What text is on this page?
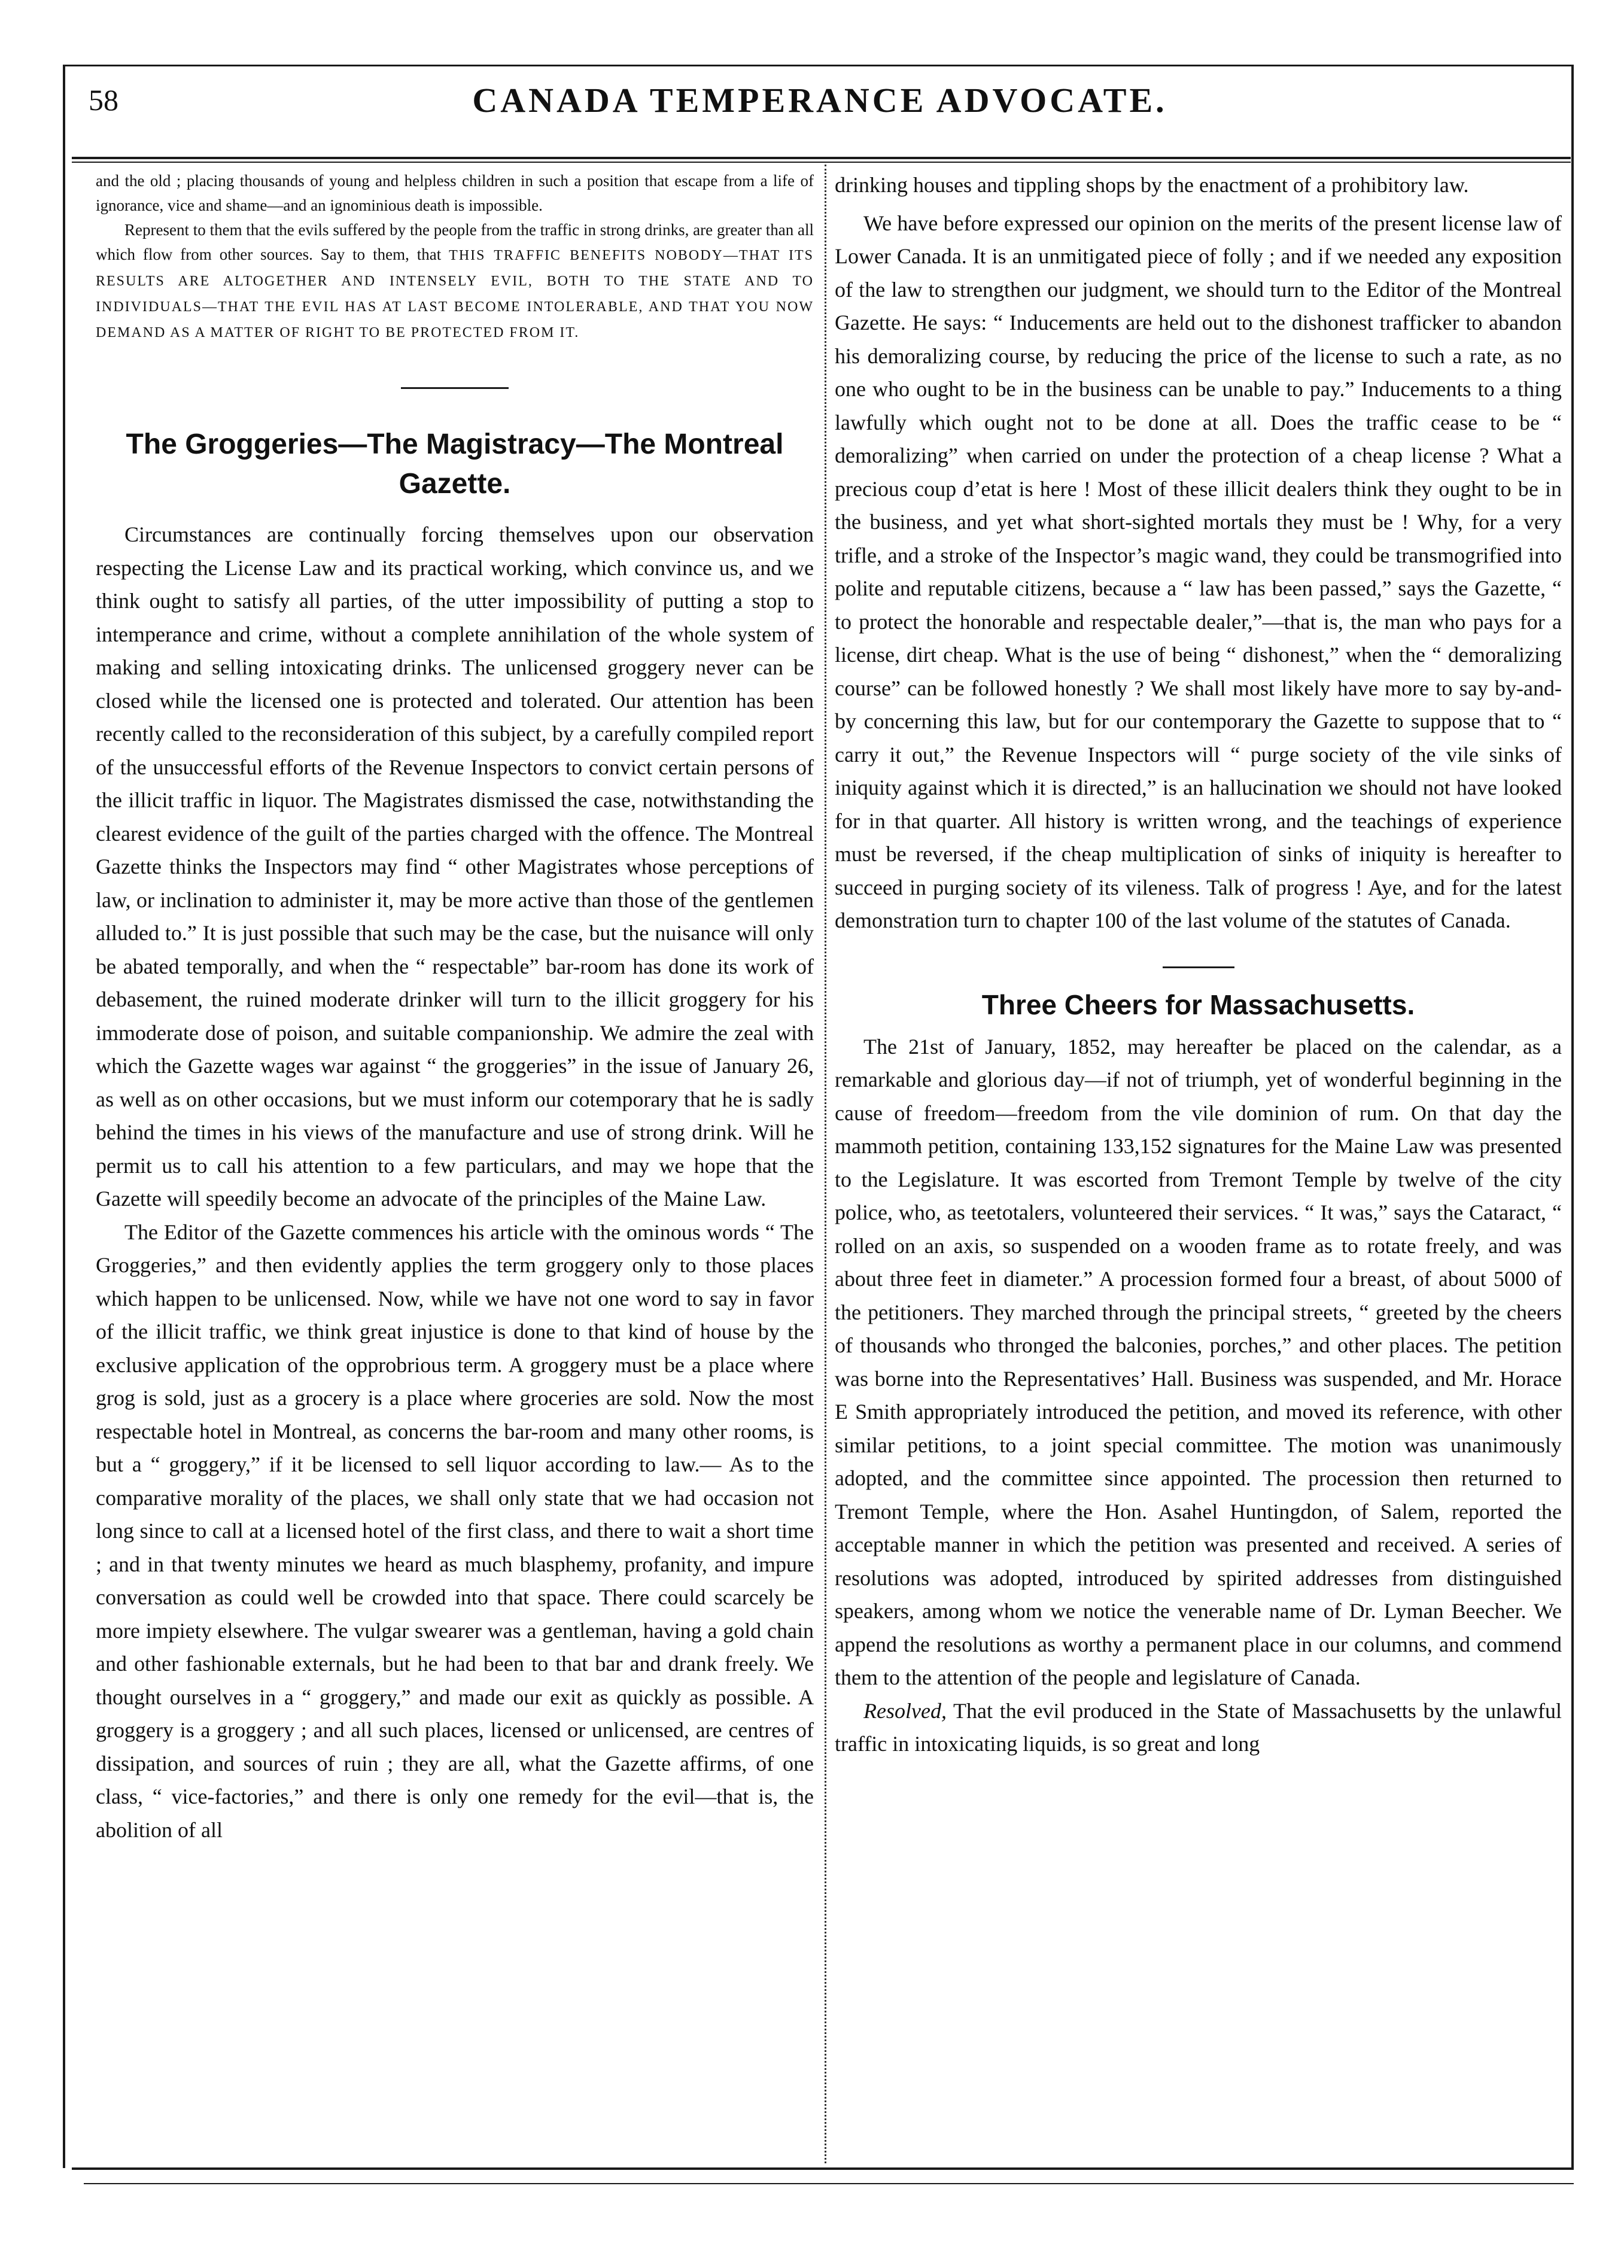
58	CANADA TEMPERANCE ADVOCATE.

and the old ; placing thousands of young and helpless children in such a position that escape from a life of ignorance, vice and shame—and an ignominious death is impossible.

Represent to them that the evils suffered by the people from the traffic in strong drinks, are greater than all which flow from other sources. Say to them, that THIS TRAFFIC BENEFITS NOBODY—THAT ITS RESULTS ARE ALTOGETHER AND INTENSELY EVIL, BOTH TO THE STATE AND TO INDIVIDUALS—THAT THE EVIL HAS AT LAST BECOME INTOLERABLE, AND THAT YOU NOW DEMAND AS A MATTER OF RIGHT TO BE PROTECTED FROM IT.

The Groggeries—The Magistracy—The Montreal Gazette.

Circumstances are continually forcing themselves upon our observation respecting the License Law and its practical working, which convince us, and we think ought to satisfy all parties, of the utter impossibility of putting a stop to intemperance and crime, without a complete annihilation of the whole system of making and selling intoxicating drinks. The unlicensed groggery never can be closed while the licensed one is protected and tolerated. Our attention has been recently called to the reconsideration of this subject, by a carefully compiled report of the unsuccessful efforts of the Revenue Inspectors to convict certain persons of the illicit traffic in liquor. The Magistrates dismissed the case, notwithstanding the clearest evidence of the guilt of the parties charged with the offence. The Montreal Gazette thinks the Inspectors may find “ other Magistrates whose perceptions of law, or inclination to administer it, may be more active than those of the gentlemen alluded to.” It is just possible that such may be the case, but the nuisance will only be abated temporally, and when the “ respectable” bar-room has done its work of debasement, the ruined moderate drinker will turn to the illicit groggery for his immoderate dose of poison, and suitable companionship. We admire the zeal with which the Gazette wages war against “ the groggeries” in the issue of January 26, as well as on other occasions, but we must inform our cotemporary that he is sadly behind the times in his views of the manufacture and use of strong drink. Will he permit us to call his attention to a few particulars, and may we hope that the Gazette will speedily become an advocate of the principles of the Maine Law.

The Editor of the Gazette commences his article with the ominous words “ The Groggeries,” and then evidently applies the term groggery only to those places which happen to be unlicensed. Now, while we have not one word to say in favor of the illicit traffic, we think great injustice is done to that kind of house by the exclusive application of the opprobrious term. A groggery must be a place where grog is sold, just as a grocery is a place where groceries are sold. Now the most respectable hotel in Montreal, as concerns the bar-room and many other rooms, is but a “ groggery,” if it be licensed to sell liquor according to law.— As to the comparative morality of the places, we shall only state that we had occasion not long since to call at a licensed hotel of the first class, and there to wait a short time ; and in that twenty minutes we heard as much blasphemy, profanity, and impure conversation as could well be crowded into that space. There could scarcely be more impiety elsewhere. The vulgar swearer was a gentleman, having a gold chain and other fashionable externals, but he had been to that bar and drank freely. We thought ourselves in a “ groggery,” and made our exit as quickly as possible. A groggery is a groggery ; and all such places, licensed or unlicensed, are centres of dissipation, and sources of ruin ; they are all, what the Gazette affirms, of one class, “ vice-factories,” and there is only one remedy for the evil—that is, the abolition of all

drinking houses and tippling shops by the enactment of a prohibitory law.

We have before expressed our opinion on the merits of the present license law of Lower Canada. It is an unmitigated piece of folly ; and if we needed any exposition of the law to strengthen our judgment, we should turn to the Editor of the Montreal Gazette. He says: “ Inducements are held out to the dishonest trafficker to abandon his demoralizing course, by reducing the price of the license to such a rate, as no one who ought to be in the business can be unable to pay.” Inducements to a thing lawfully which ought not to be done at all. Does the traffic cease to be “ demoralizing” when carried on under the protection of a cheap license ? What a precious coup d’etat is here ! Most of these illicit dealers think they ought to be in the business, and yet what short-sighted mortals they must be ! Why, for a very trifle, and a stroke of the Inspector’s magic wand, they could be transmogrified into polite and reputable citizens, because a “ law has been passed,” says the Gazette, “ to protect the honorable and respectable dealer,”—that is, the man who pays for a license, dirt cheap. What is the use of being “ dishonest,” when the “ demoralizing course” can be followed honestly ? We shall most likely have more to say by-and-by concerning this law, but for our contemporary the Gazette to suppose that to “ carry it out,” the Revenue Inspectors will “ purge society of the vile sinks of iniquity against which it is directed,” is an hallucination we should not have looked for in that quarter. All history is written wrong, and the teachings of experience must be reversed, if the cheap multiplication of sinks of iniquity is hereafter to succeed in purging society of its vileness. Talk of progress ! Aye, and for the latest demonstration turn to chapter 100 of the last volume of the statutes of Canada.

Three Cheers for Massachusetts.

The 21st of January, 1852, may hereafter be placed on the calendar, as a remarkable and glorious day—if not of triumph, yet of wonderful beginning in the cause of freedom—freedom from the vile dominion of rum. On that day the mammoth petition, containing 133,152 signatures for the Maine Law was presented to the Legislature. It was escorted from Tremont Temple by twelve of the city police, who, as teetotalers, volunteered their services. “ It was,” says the Cataract, “ rolled on an axis, so suspended on a wooden frame as to rotate freely, and was about three feet in diameter.” A procession formed four a breast, of about 5000 of the petitioners. They marched through the principal streets, “ greeted by the cheers of thousands who thronged the balconies, porches,” and other places. The petition was borne into the Representatives’ Hall. Business was suspended, and Mr. Horace E Smith appropriately introduced the petition, and moved its reference, with other similar petitions, to a joint special committee. The motion was unanimously adopted, and the committee since appointed. The procession then returned to Tremont Temple, where the Hon. Asahel Huntingdon, of Salem, reported the acceptable manner in which the petition was presented and received. A series of resolutions was adopted, introduced by spirited addresses from distinguished speakers, among whom we notice the venerable name of Dr. Lyman Beecher. We append the resolutions as worthy a permanent place in our columns, and commend them to the attention of the people and legislature of Canada.

Resolved, That the evil produced in the State of Massachusetts by the unlawful traffic in intoxicating liquids, is so great and long
